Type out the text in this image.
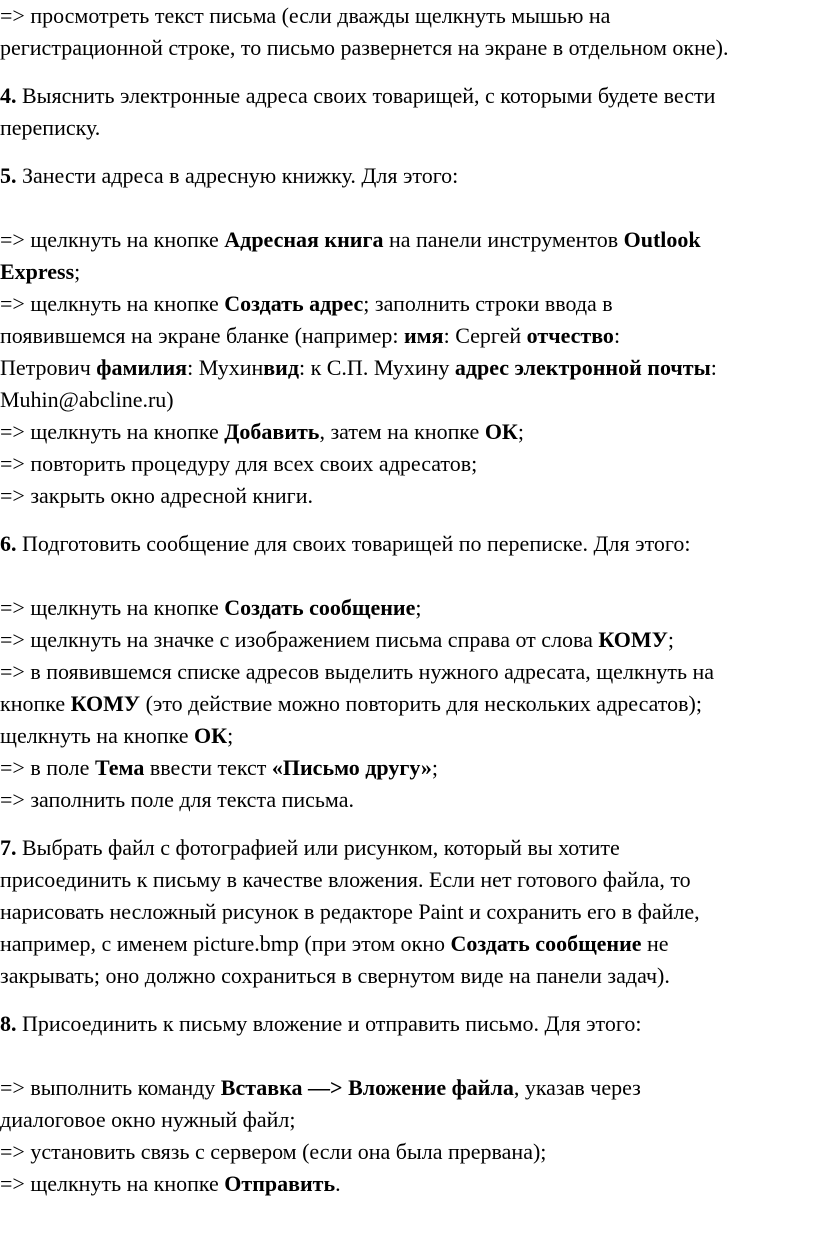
=> просмотреть текст письма (если дважды щелкнуть мышью на
регистрационной строке, то письмо развернется на экране в отдельном окне).
4. Выяснить электронные адреса своих товарищей, с которыми будете вести
переписку.
5. Занести адреса в адресную книжку. Для этого:
=> щелкнуть на кнопке Адресная книга на панели инструментов Outlook
Express;
=> щелкнуть на кнопке Создать адрес; заполнить строки ввода в
появившемся на экране бланке (например: имя: Сергей отчество:
Петрович фамилия: Мухинвид: к С.П. Мухину адрес электронной почты:
Muhin@abcline.ru)
=> щелкнуть на кнопке Добавить, затем на кнопке ОК;
=> повторить процедуру для всех своих адресатов;
=> закрыть окно адресной книги.
6. Подготовить сообщение для своих товарищей по переписке. Для этого:
=> щелкнуть на кнопке Создать сообщение;
=> щелкнуть на значке с изображением письма справа от слова КОМУ;
=> в появившемся списке адресов выделить нужного адресата, щелкнуть на
кнопке КОМУ (это действие можно повторить для нескольких адресатов);
щелкнуть на кнопке ОК;
=> в поле Тема ввести текст «Письмо другу»;
=> заполнить поле для текста письма.
7. Выбрать файл с фотографией или рисунком, который вы хотите
присоединить к письму в качестве вложения. Если нет готового файла, то
нарисовать несложный рисунок в редакторе Paint и сохранить его в файле,
например, с именем picture.bmp (при этом окно Создать сообщение не
закрывать; оно должно сохраниться в свернутом виде на панели задач).
8. Присоединить к письму вложение и отправить письмо. Для этого:
=> выполнить команду Вставка —> Вложение файла, указав через
диалоговое окно нужный файл;
=> установить связь с сервером (если она была прервана);
=> щелкнуть на кнопке Отправить.
